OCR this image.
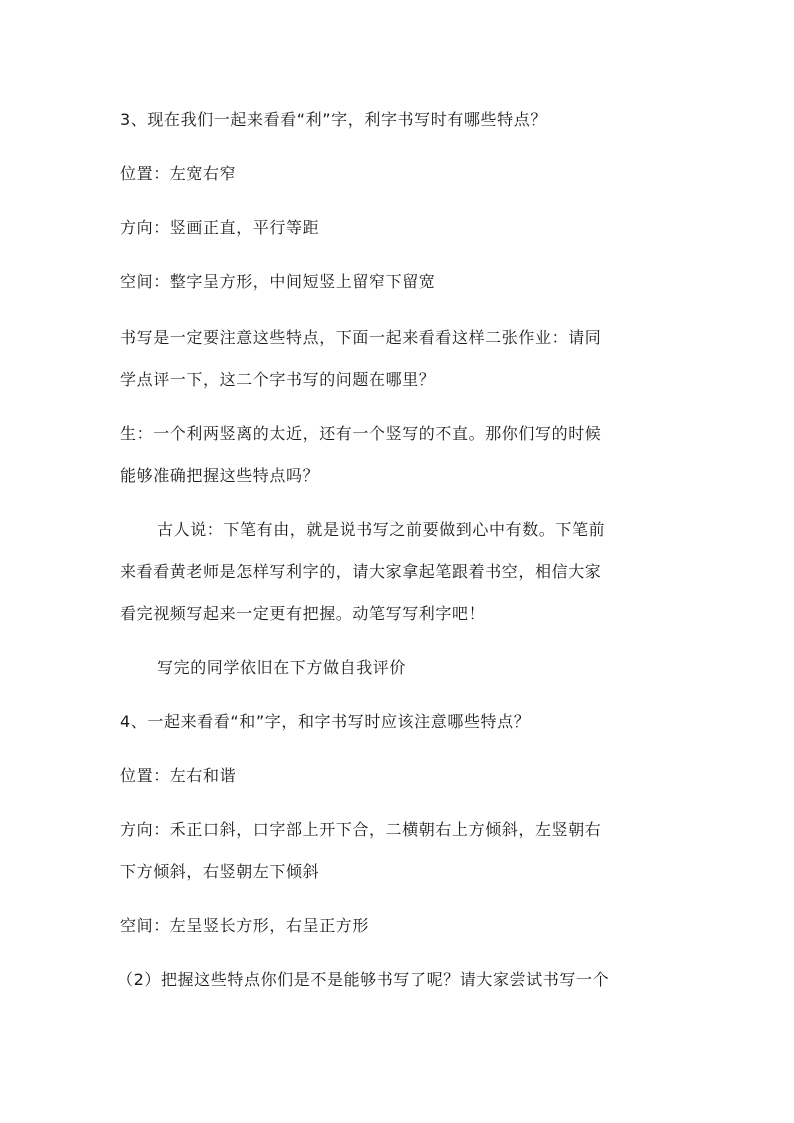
3、现在我们一起来看看“利”字，利字书写时有哪些特点？
位置：左宽右窄
方向：竖画正直，平行等距
空间：整字呈方形，中间短竖上留窄下留宽
书写是一定要注意这些特点，下面一起来看看这样二张作业：请同
学点评一下，这二个字书写的问题在哪里？
生：一个利两竖离的太近，还有一个竖写的不直。那你们写的时候
能够准确把握这些特点吗？
古人说：下笔有由，就是说书写之前要做到心中有数。下笔前
来看看黄老师是怎样写利字的，请大家拿起笔跟着书空，相信大家
看完视频写起来一定更有把握。动笔写写利字吧！
写完的同学依旧在下方做自我评价
4、一起来看看“和”字，和字书写时应该注意哪些特点？
位置：左右和谐
方向：禾正口斜，口字部上开下合，二横朝右上方倾斜，左竖朝右
下方倾斜，右竖朝左下倾斜
空间：左呈竖长方形，右呈正方形
（2）把握这些特点你们是不是能够书写了呢？请大家尝试书写一个
